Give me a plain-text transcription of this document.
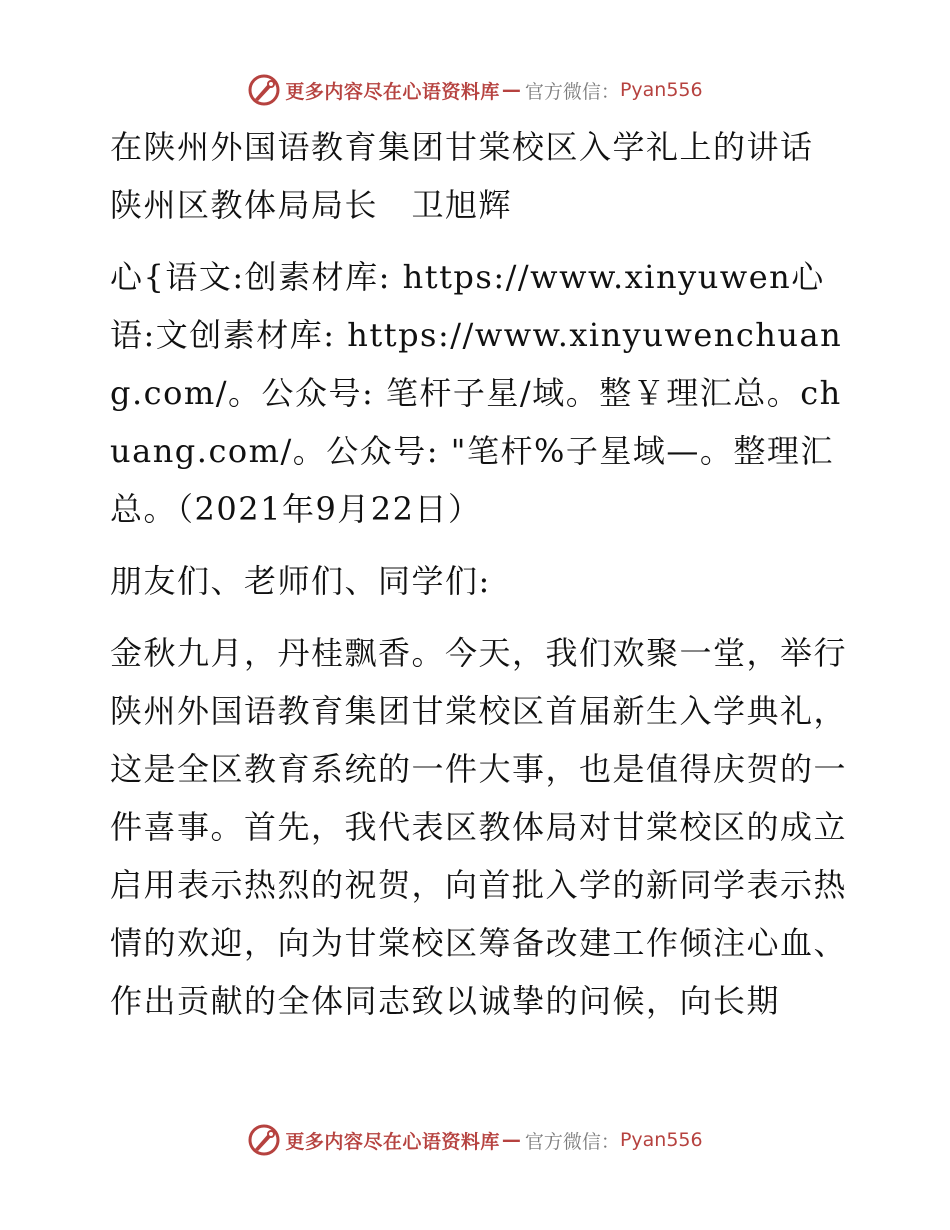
更多内容尽在心语资料库 — 官方微信： Pyan556

在陕州外国语教育集团甘棠校区入学礼上的讲话

陕州区教体局局长　卫旭辉

心{语文:创素材库: https://www.xinyuwen心语:文创素材库: https://www.xinyuwenchuang.com/。公众号: 笔杆子星/域。整￥理汇总。chuang.com/。公众号: "笔杆%子星域—。整理汇总。（2021年9月22日）

朋友们、老师们、同学们:

金秋九月，丹桂飘香。今天，我们欢聚一堂，举行陕州外国语教育集团甘棠校区首届新生入学典礼，这是全区教育系统的一件大事，也是值得庆贺的一件喜事。首先，我代表区教体局对甘棠校区的成立启用表示热烈的祝贺，向首批入学的新同学表示热情的欢迎，向为甘棠校区筹备改建工作倾注心血、作出贡献的全体同志致以诚挚的问候，向长期

更多内容尽在心语资料库 — 官方微信： Pyan556
